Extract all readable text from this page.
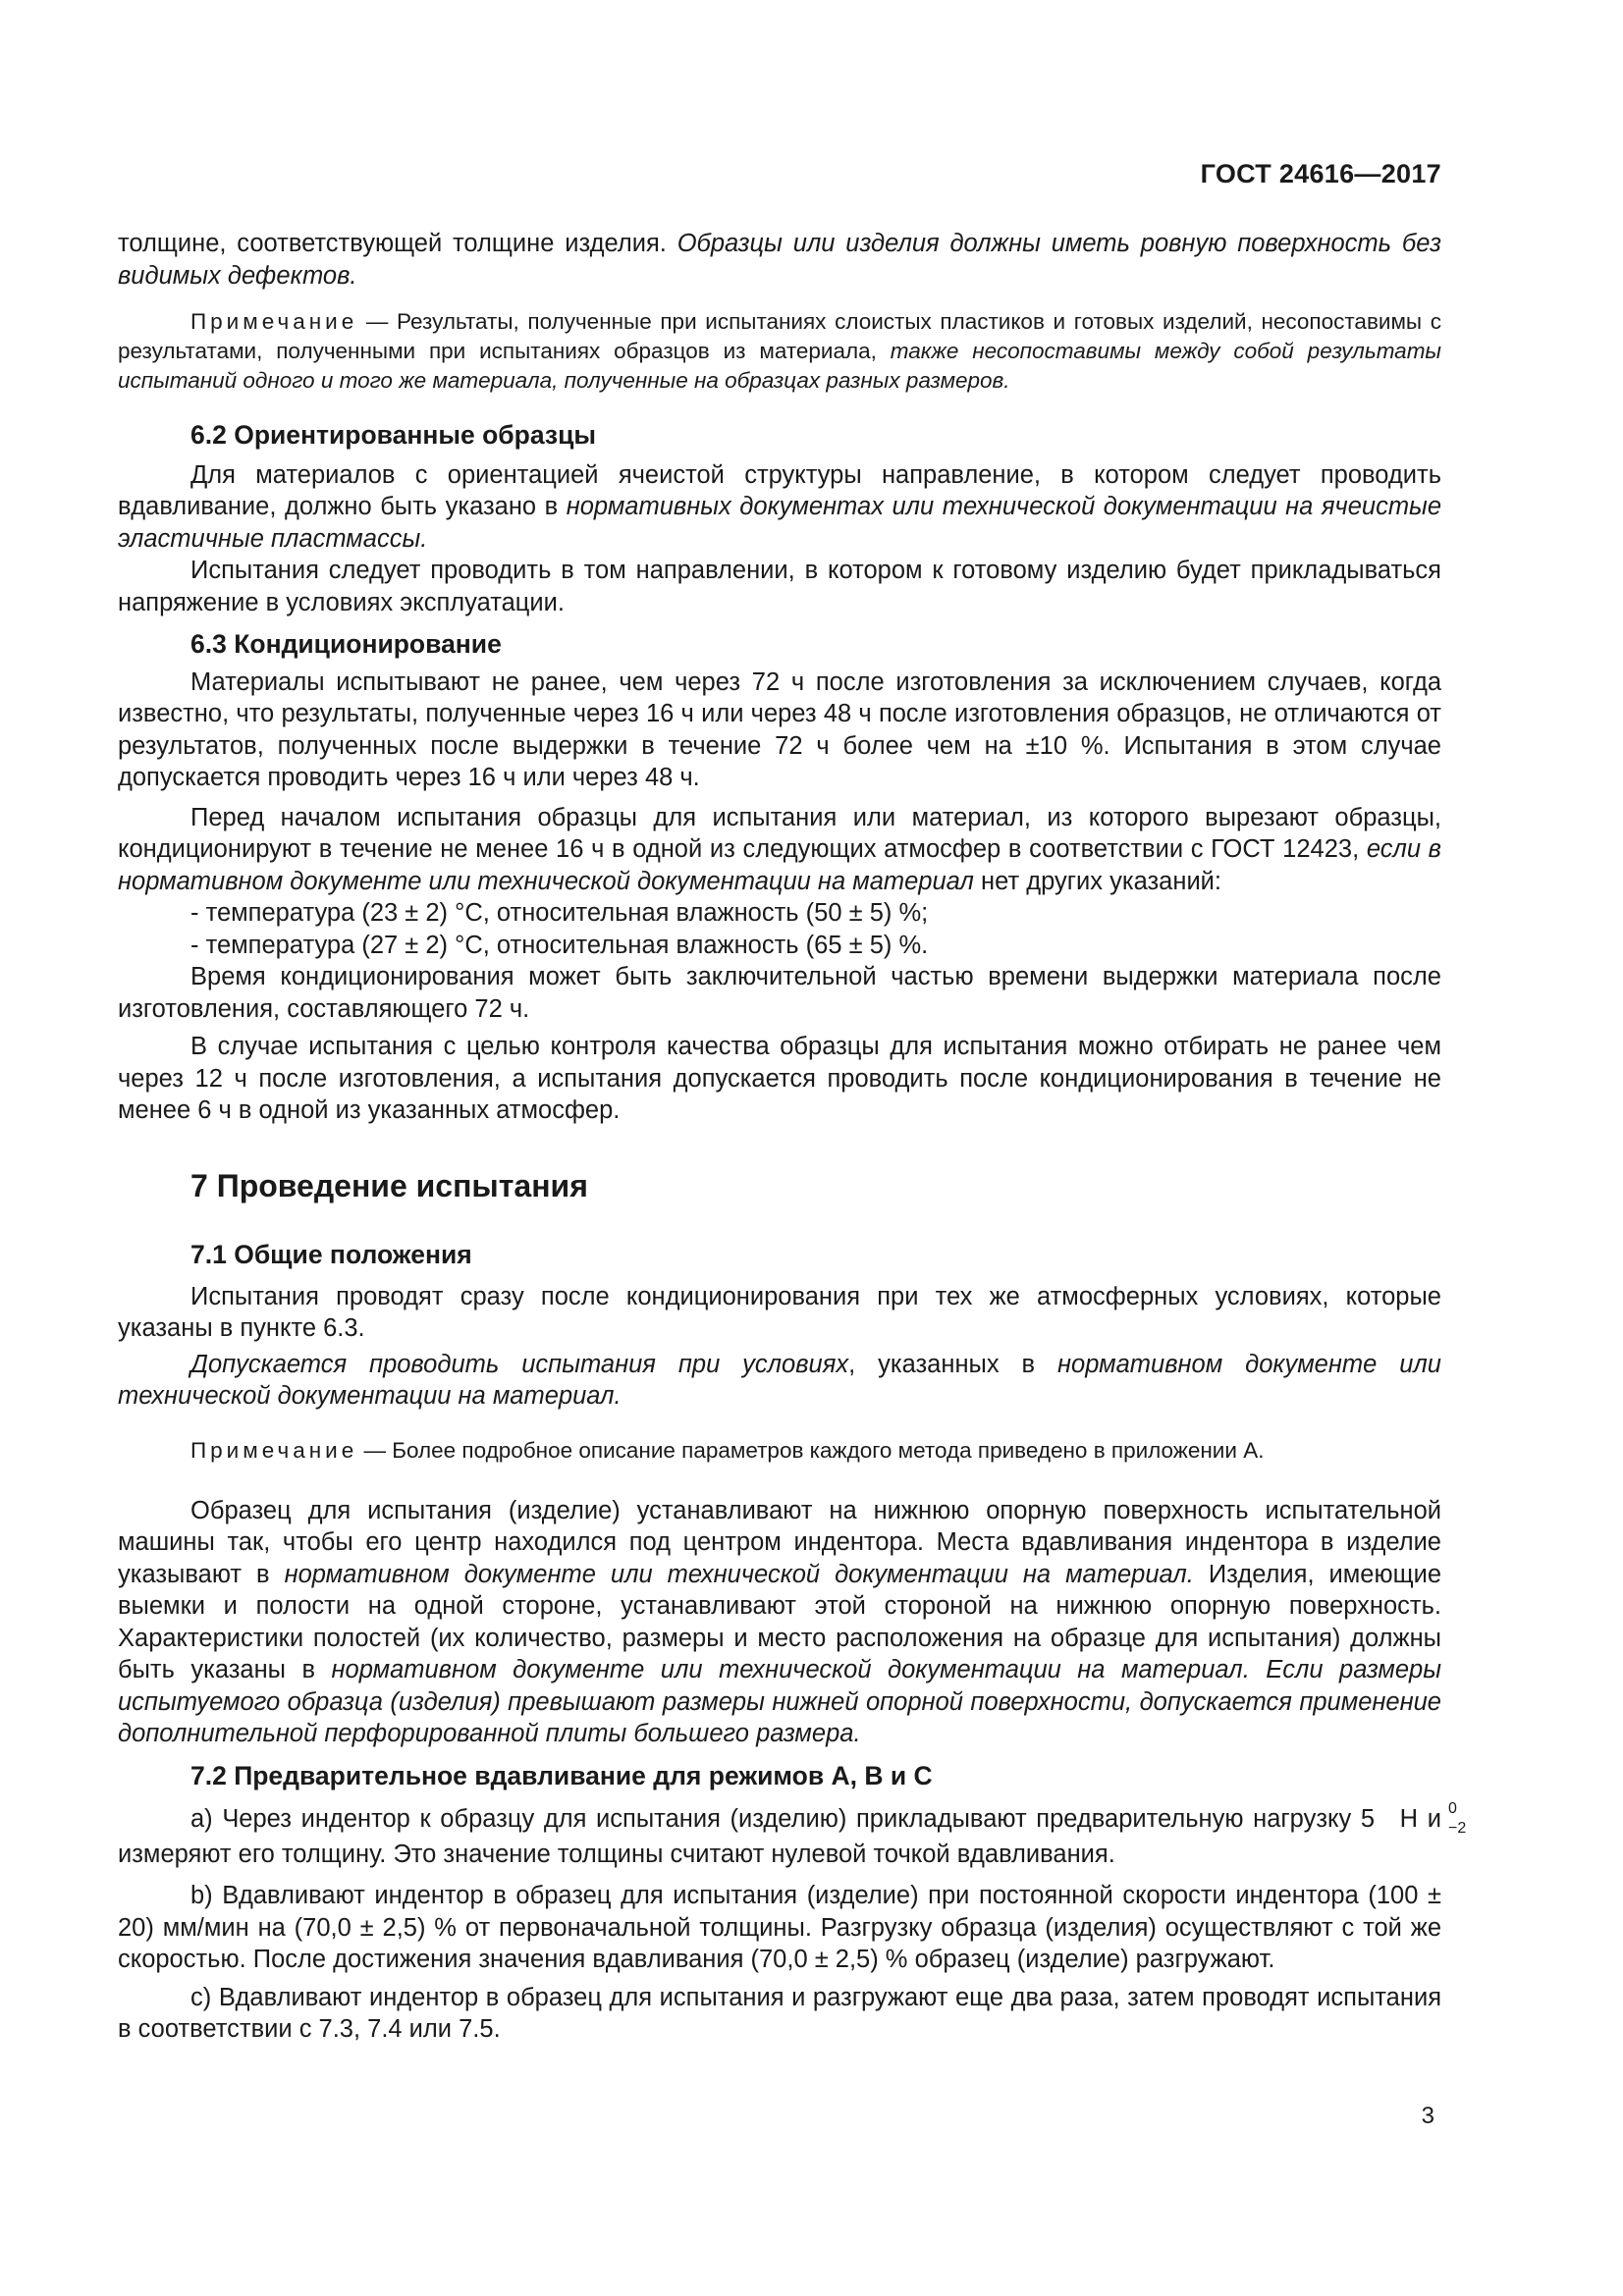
ГОСТ 24616—2017

толщине, соответствующей толщине изделия. Образцы или изделия должны иметь ровную поверхность без видимых дефектов.

Примечание — Результаты, полученные при испытаниях слоистых пластиков и готовых изделий, несопоставимы с результатами, полученными при испытаниях образцов из материала, также несопоставимы между собой результаты испытаний одного и того же материала, полученные на образцах разных размеров.

6.2 Ориентированные образцы

Для материалов с ориентацией ячеистой структуры направление, в котором следует проводить вдавливание, должно быть указано в нормативных документах или технической документации на ячеистые эластичные пластмассы.

Испытания следует проводить в том направлении, в котором к готовому изделию будет прикладываться напряжение в условиях эксплуатации.

6.3 Кондиционирование

Материалы испытывают не ранее, чем через 72 ч после изготовления за исключением случаев, когда известно, что результаты, полученные через 16 ч или через 48 ч после изготовления образцов, не отличаются от результатов, полученных после выдержки в течение 72 ч более чем на ±10 %. Испытания в этом случае допускается проводить через 16 ч или через 48 ч.

Перед началом испытания образцы для испытания или материал, из которого вырезают образцы, кондиционируют в течение не менее 16 ч в одной из следующих атмосфер в соответствии с ГОСТ 12423, если в нормативном документе или технической документации на материал нет других указаний:

- температура (23 ± 2) °С, относительная влажность (50 ± 5) %;

- температура (27 ± 2) °С, относительная влажность (65 ± 5) %.

Время кондиционирования может быть заключительной частью времени выдержки материала после изготовления, составляющего 72 ч.

В случае испытания с целью контроля качества образцы для испытания можно отбирать не ранее чем через 12 ч после изготовления, а испытания допускается проводить после кондиционирования в течение не менее 6 ч в одной из указанных атмосфер.

7 Проведение испытания

7.1 Общие положения

Испытания проводят сразу после кондиционирования при тех же атмосферных условиях, которые указаны в пункте 6.3.

Допускается проводить испытания при условиях, указанных в нормативном документе или технической документации на материал.

Примечание — Более подробное описание параметров каждого метода приведено в приложении А.

Образец для испытания (изделие) устанавливают на нижнюю опорную поверхность испытательной машины так, чтобы его центр находился под центром индентора. Места вдавливания индентора в изделие указывают в нормативном документе или технической документации на материал. Изделия, имеющие выемки и полости на одной стороне, устанавливают этой стороной на нижнюю опорную поверхность. Характеристики полостей (их количество, размеры и место расположения на образце для испытания) должны быть указаны в нормативном документе или технической документации на материал. Если размеры испытуемого образца (изделия) превышают размеры нижней опорной поверхности, допускается применение дополнительной перфорированной плиты большего размера.

7.2 Предварительное вдавливание для режимов А, В и С

а) Через индентор к образцу для испытания (изделию) прикладывают предварительную нагрузку 5	0
−2
Н и измеряют его толщину. Это значение толщины считают нулевой точкой вдавливания.

b) Вдавливают индентор в образец для испытания (изделие) при постоянной скорости индентора (100 ± 20) мм/мин на (70,0 ± 2,5) % от первоначальной толщины. Разгрузку образца (изделия) осуществляют с той же скоростью. После достижения значения вдавливания (70,0 ± 2,5) % образец (изделие) разгружают.

с) Вдавливают индентор в образец для испытания и разгружают еще два раза, затем проводят испытания в соответствии с 7.3, 7.4 или 7.5.

3
